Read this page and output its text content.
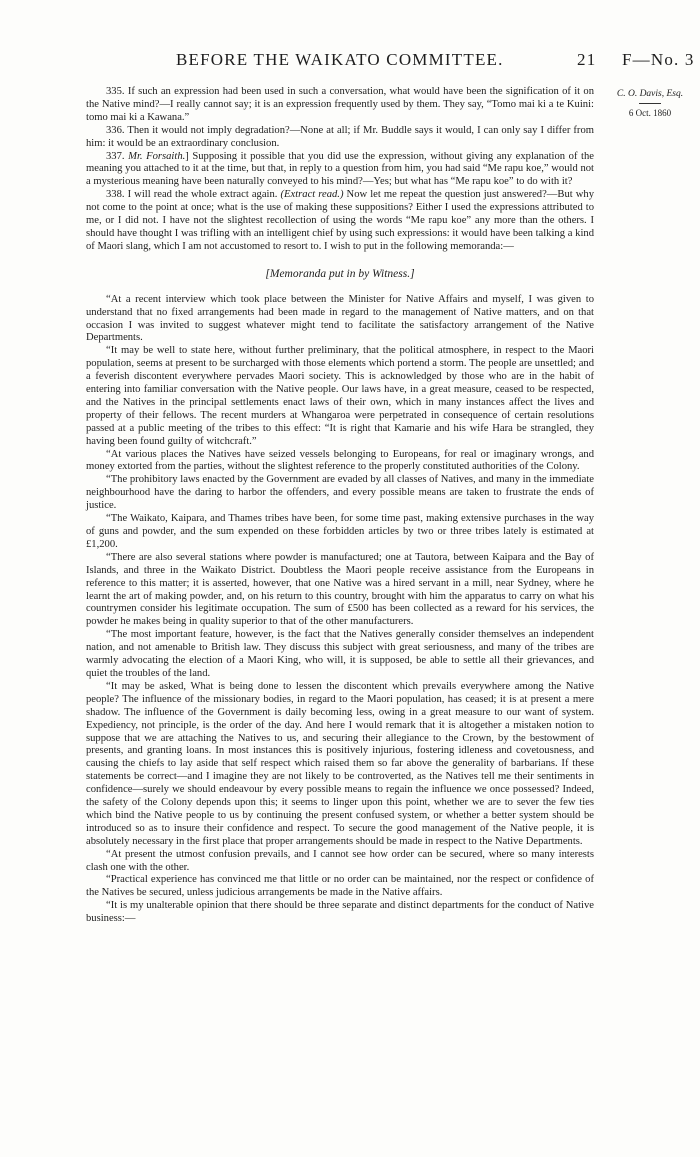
BEFORE THE WAIKATO COMMITTEE.	21 F—No. 3
C. O. Davis, Esq.
6 Oct. 1860

335. If such an expression had been used in such a conversation, what would have been the signification of it on the Native mind?—I really cannot say; it is an expression frequently used by them. They say, “Tomo mai ki a te Kuini: tomo mai ki a Kawana.”

336. Then it would not imply degradation?—None at all; if Mr. Buddle says it would, I can only say I differ from him: it would be an extraordinary conclusion.

337. Mr. Forsaith.] Supposing it possible that you did use the expression, without giving any explanation of the meaning you attached to it at the time, but that, in reply to a question from him, you had said “Me rapu koe,” would not a mysterious meaning have been naturally conveyed to his mind?—Yes; but what has “Me rapu koe” to do with it?

338. I will read the whole extract again. (Extract read.) Now let me repeat the question just answered?—But why not come to the point at once; what is the use of making these suppositions? Either I used the expressions attributed to me, or I did not. I have not the slightest recollection of using the words “Me rapu koe” any more than the others. I should have thought I was trifling with an intelligent chief by using such expressions: it would have been talking a kind of Maori slang, which I am not accustomed to resort to. I wish to put in the following memoranda:—

[Memoranda put in by Witness.]

“At a recent interview which took place between the Minister for Native Affairs and myself, I was given to understand that no fixed arrangements had been made in regard to the management of Native matters, and on that occasion I was invited to suggest whatever might tend to facilitate the satisfactory arrangement of the Native Departments.

“It may be well to state here, without further preliminary, that the political atmosphere, in respect to the Maori population, seems at present to be surcharged with those elements which portend a storm. The people are unsettled; and a feverish discontent everywhere pervades Maori society. This is acknowledged by those who are in the habit of entering into familiar conversation with the Native people. Our laws have, in a great measure, ceased to be respected, and the Natives in the principal settlements enact laws of their own, which in many instances affect the lives and property of their fellows. The recent murders at Whangaroa were perpetrated in consequence of certain resolutions passed at a public meeting of the tribes to this effect: “It is right that Kamarie and his wife Hara be strangled, they having been found guilty of witchcraft.”

“At various places the Natives have seized vessels belonging to Europeans, for real or imaginary wrongs, and money extorted from the parties, without the slightest reference to the properly constituted authorities of the Colony.

“The prohibitory laws enacted by the Government are evaded by all classes of Natives, and many in the immediate neighbourhood have the daring to harbor the offenders, and every possible means are taken to frustrate the ends of justice.

“The Waikato, Kaipara, and Thames tribes have been, for some time past, making extensive purchases in the way of guns and powder, and the sum expended on these forbidden articles by two or three tribes lately is estimated at £1,200.

“There are also several stations where powder is manufactured; one at Tautora, between Kaipara and the Bay of Islands, and three in the Waikato District. Doubtless the Maori people receive assistance from the Europeans in reference to this matter; it is asserted, however, that one Native was a hired servant in a mill, near Sydney, where he learnt the art of making powder, and, on his return to this country, brought with him the apparatus to carry on what his countrymen consider his legitimate occupation. The sum of £500 has been collected as a reward for his services, the powder he makes being in quality superior to that of the other manufacturers.

“The most important feature, however, is the fact that the Natives generally consider themselves an independent nation, and not amenable to British law. They discuss this subject with great seriousness, and many of the tribes are warmly advocating the election of a Maori King, who will, it is supposed, be able to settle all their grievances, and quiet the troubles of the land.

“It may be asked, What is being done to lessen the discontent which prevails everywhere among the Native people? The influence of the missionary bodies, in regard to the Maori population, has ceased; it is at present a mere shadow. The influence of the Government is daily becoming less, owing in a great measure to our want of system. Expediency, not principle, is the order of the day. And here I would remark that it is altogether a mistaken notion to suppose that we are attaching the Natives to us, and securing their allegiance to the Crown, by the bestowment of presents, and granting loans. In most instances this is positively injurious, fostering idleness and covetousness, and causing the chiefs to lay aside that self respect which raised them so far above the generality of barbarians. If these statements be correct—and I imagine they are not likely to be controverted, as the Natives tell me their sentiments in confidence—surely we should endeavour by every possible means to regain the influence we once possessed? Indeed, the safety of the Colony depends upon this; it seems to linger upon this point, whether we are to sever the few ties which bind the Native people to us by continuing the present confused system, or whether a better system should be introduced so as to insure their confidence and respect. To secure the good management of the Native people, it is absolutely necessary in the first place that proper arrangements should be made in respect to the Native Departments.

“At present the utmost confusion prevails, and I cannot see how order can be secured, where so many interests clash one with the other.

“Practical experience has convinced me that little or no order can be maintained, nor the respect or confidence of the Natives be secured, unless judicious arrangements be made in the Native affairs.

“It is my unalterable opinion that there should be three separate and distinct departments for the conduct of Native business:—
